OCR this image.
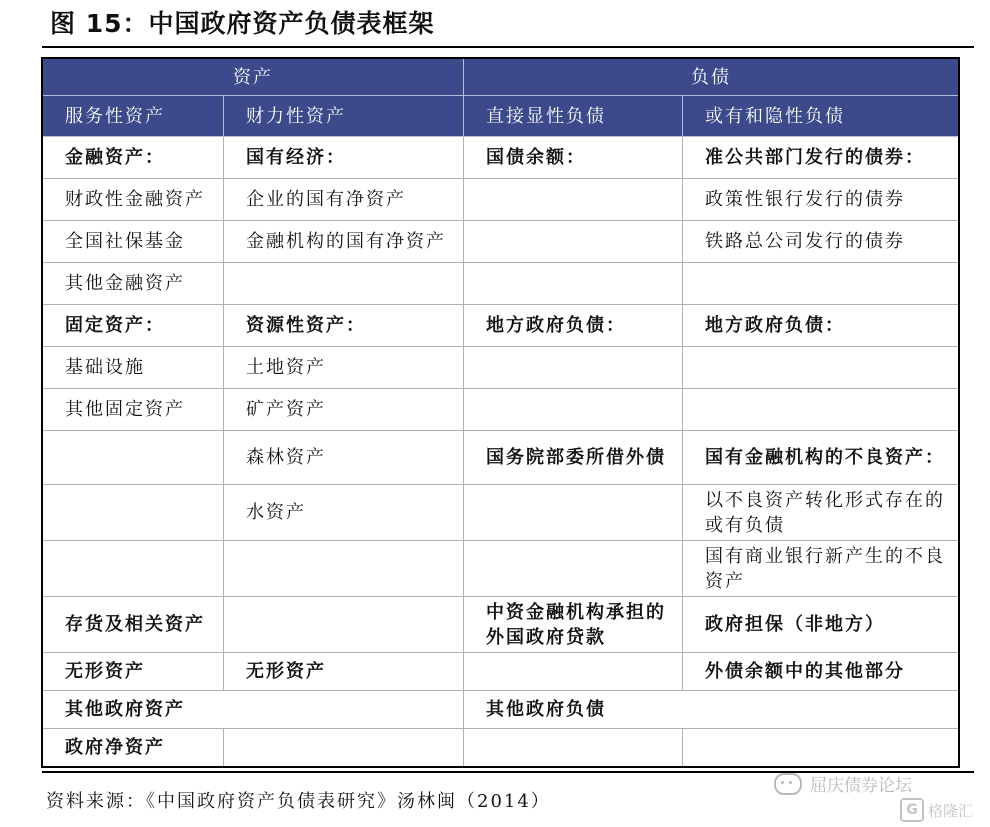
图 15：中国政府资产负债表框架
资产		负债	
服务性资产	财力性资产	直接显性负债	或有和隐性负债
金融资产：	国有经济：	国债余额：	准公共部门发行的债券：
财政性金融资产	企业的国有净资产		政策性银行发行的债券
全国社保基金	金融机构的国有净资产		铁路总公司发行的债券
其他金融资产			
固定资产：	资源性资产：	地方政府负债：	地方政府负债：
基础设施	土地资产		
其他固定资产	矿产资产		
	森林资产	国务院部委所借外债	国有金融机构的不良资产：
	水资产		以不良资产转化形式存在的或有负债
			国有商业银行新产生的不良资产
存货及相关资产		中资金融机构承担的外国政府贷款	政府担保（非地方）
无形资产	无形资产		外债余额中的其他部分
其他政府资产		其他政府负债	
政府净资产			
资料来源：《中国政府资产负债表研究》汤林闽（2014）
屈庆债券论坛
G 格隆汇
